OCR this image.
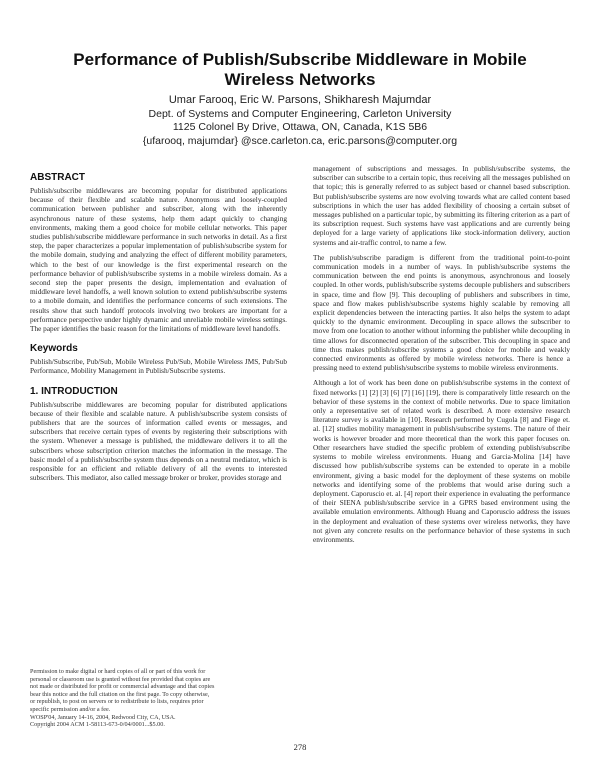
Performance of Publish/Subscribe Middleware in Mobile Wireless Networks
Umar Farooq, Eric W. Parsons, Shikharesh Majumdar
Dept. of Systems and Computer Engineering, Carleton University
1125 Colonel By Drive, Ottawa, ON, Canada, K1S 5B6
{ufarooq, majumdar} @sce.carleton.ca, eric.parsons@computer.org
ABSTRACT

Publish/subscribe middlewares are becoming popular for distributed applications because of their flexible and scalable nature. Anonymous and loosely-coupled communication between publisher and subscriber, along with the inherently asynchronous nature of these systems, help them adapt quickly to changing environments, making them a good choice for mobile cellular networks. This paper studies publish/subscribe middleware performance in such networks in detail. As a first step, the paper characterizes a popular implementation of publish/subscribe system for the mobile domain, studying and analyzing the effect of different mobility parameters, which to the best of our knowledge is the first experimental research on the performance behavior of publish/subscribe systems in a mobile wireless domain. As a second step the paper presents the design, implementation and evaluation of middleware level handoffs, a well known solution to extend publish/subscribe systems to a mobile domain, and identifies the performance concerns of such extensions. The results show that such handoff protocols involving two brokers are important for a performance perspective under highly dynamic and unreliable mobile wireless settings. The paper identifies the basic reason for the limitations of middleware level handoffs.

Keywords

Publish/Subscribe, Pub/Sub, Mobile Wireless Pub/Sub, Mobile Wireless JMS, Pub/Sub Performance, Mobility Management in Publish/Subscribe systems.

1. INTRODUCTION

Publish/subscribe middlewares are becoming popular for distributed applications because of their flexible and scalable nature. A publish/subscribe system consists of publishers that are the sources of information called events or messages, and subscribers that receive certain types of events by registering their subscriptions with the system. Whenever a message is published, the middleware delivers it to all the subscribers whose subscription criterion matches the information in the message. The basic model of a publish/subscribe system thus depends on a neutral mediator, which is responsible for an efficient and reliable delivery of all the events to interested subscribers. This mediator, also called message broker or broker, provides storage and

Permission to make digital or hard copies of all or part of this work for
personal or classroom use is granted without fee provided that copies are
not made or distributed for profit or commercial advantage and that copies
bear this notice and the full citation on the first page. To copy otherwise,
or republish, to post on servers or to redistribute to lists, requires prior
specific permission and/or a fee.
WOSP'04, January 14-16, 2004, Redwood City, CA, USA.
Copyright 2004 ACM 1-58113-673-0/04/0001...$5.00.

management of subscriptions and messages. In publish/subscribe systems, the subscriber can subscribe to a certain topic, thus receiving all the messages published on that topic; this is generally referred to as subject based or channel based subscription. But publish/subscribe systems are now evolving towards what are called content based subscriptions in which the user has added flexibility of choosing a certain subset of messages published on a particular topic, by submitting its filtering criterion as a part of its subscription request. Such systems have vast applications and are currently being deployed for a large variety of applications like stock-information delivery, auction systems and air-traffic control, to name a few.

The publish/subscribe paradigm is different from the traditional point-to-point communication models in a number of ways. In publish/subscribe systems the communication between the end points is anonymous, asynchronous and loosely coupled. In other words, publish/subscribe systems decouple publishers and subscribers in space, time and flow [9]. This decoupling of publishers and subscribers in time, space and flow makes publish/subscribe systems highly scalable by removing all explicit dependencies between the interacting parties. It also helps the system to adapt quickly to the dynamic environment. Decoupling in space allows the subscriber to move from one location to another without informing the publisher while decoupling in time allows for disconnected operation of the subscriber. This decoupling in space and time thus makes publish/subscribe systems a good choice for mobile and weakly connected environments as offered by mobile wireless networks. There is hence a pressing need to extend publish/subscribe systems to mobile wireless environments.

Although a lot of work has been done on publish/subscribe systems in the context of fixed networks [1] [2] [3] [6] [7] [16] [19], there is comparatively little research on the behavior of these systems in the context of mobile networks. Due to space limitation only a representative set of related work is described. A more extensive research literature survey is available in [10]. Research performed by Cugola [8] and Fiege et. al. [12] studies mobility management in publish/subscribe systems. The nature of their works is however broader and more theoretical than the work this paper focuses on. Other researchers have studied the specific problem of extending publish/subscribe systems to mobile wireless environments. Huang and Garcia-Molina [14] have discussed how publish/subscribe systems can be extended to operate in a mobile environment, giving a basic model for the deployment of these systems on mobile networks and identifying some of the problems that would arise during such a deployment. Caporuscio et. al. [4] report their experience in evaluating the performance of their SIENA publish/subscribe service in a GPRS based environment using the available emulation environments. Although Huang and Caporuscio address the issues in the deployment and evaluation of these systems over wireless networks, they have not given any concrete results on the performance behavior of these systems in such environments.

278
